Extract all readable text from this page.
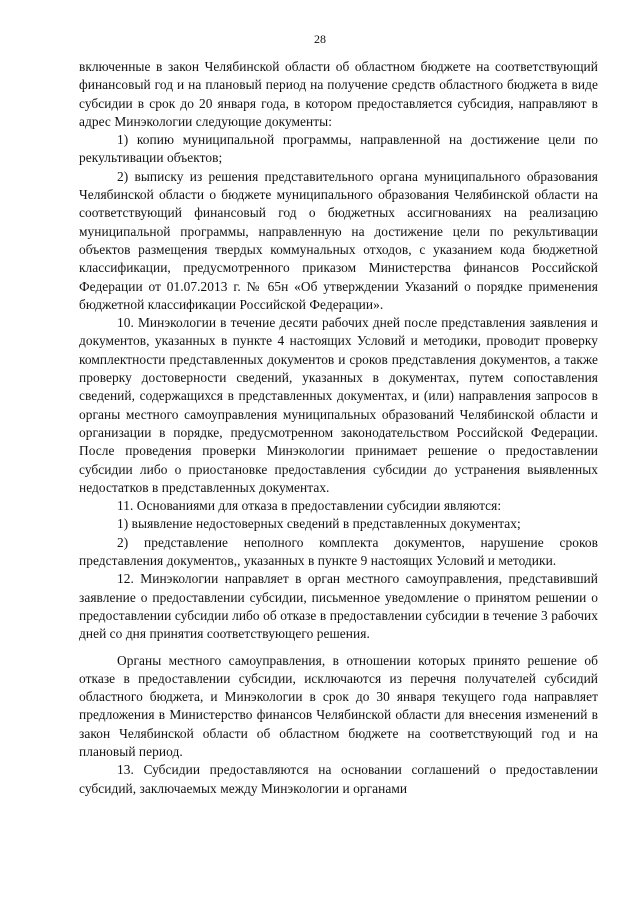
28

включенные в закон Челябинской области об областном бюджете на соответствующий финансовый год и на плановый период на получение средств областного бюджета в виде субсидии в срок до 20 января года, в котором предоставляется субсидия, направляют в адрес Минэкологии следующие документы:

1) копию муниципальной программы, направленной на достижение цели по рекультивации объектов;

2) выписку из решения представительного органа муниципального образования Челябинской области о бюджете муниципального образования Челябинской области на соответствующий финансовый год о бюджетных ассигнованиях на реализацию муниципальной программы, направленную на достижение цели по рекультивации объектов размещения твердых коммунальных отходов, с указанием кода бюджетной классификации, предусмотренного приказом Министерства финансов Российской Федерации от 01.07.2013 г. № 65н «Об утверждении Указаний о порядке применения бюджетной классификации Российской Федерации».

10. Минэкологии в течение десяти рабочих дней после представления заявления и документов, указанных в пункте 4 настоящих Условий и методики, проводит проверку комплектности представленных документов и сроков представления документов, а также проверку достоверности сведений, указанных в документах, путем сопоставления сведений, содержащихся в представленных документах, и (или) направления запросов в органы местного самоуправления муниципальных образований Челябинской области и организации в порядке, предусмотренном законодательством Российской Федерации. После проведения проверки Минэкологии принимает решение о предоставлении субсидии либо о приостановке предоставления субсидии до устранения выявленных недостатков в представленных документах.

11. Основаниями для отказа в предоставлении субсидии являются:

1) выявление недостоверных сведений в представленных документах;

2) представление неполного комплекта документов, нарушение сроков представления документов,, указанных в пункте 9 настоящих Условий и методики.

12. Минэкологии направляет в орган местного самоуправления, представивший заявление о предоставлении субсидии, письменное уведомление о принятом решении о предоставлении субсидии либо об отказе в предоставлении субсидии в течение 3 рабочих дней со дня принятия соответствующего решения.

Органы местного самоуправления, в отношении которых принято решение об отказе в предоставлении субсидии, исключаются из перечня получателей субсидий областного бюджета, и Минэкологии в срок до 30 января текущего года направляет предложения в Министерство финансов Челябинской области для внесения изменений в закон Челябинской области об областном бюджете на соответствующий год и на плановый период.

13. Субсидии предоставляются на основании соглашений о предоставлении субсидий, заключаемых между Минэкологии и органами
